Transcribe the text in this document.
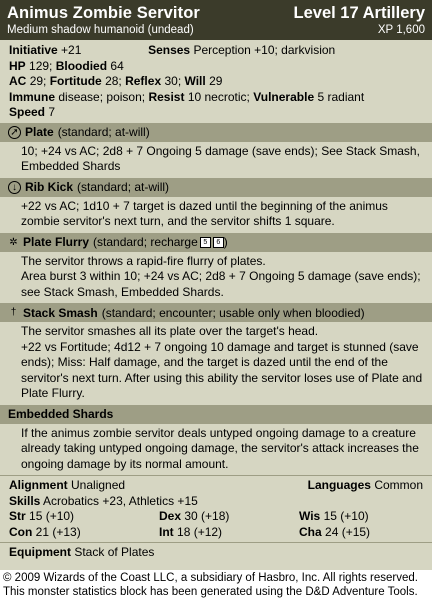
Animus Zombie Servitor	Level 17 Artillery
Medium shadow humanoid (undead)	XP 1,600
Initiative +21	Senses Perception +10; darkvision
HP 129; Bloodied 64
AC 29; Fortitude 28; Reflex 30; Will 29
Immune disease; poison; Resist 10 necrotic; Vulnerable 5 radiant
Speed 7
➚ Plate (standard; at-will)

10; +24 vs AC; 2d8 + 7 Ongoing 5 damage (save ends); See Stack Smash, Embedded Shards

↓ Rib Kick (standard; at-will)

+22 vs AC; 1d10 + 7 target is dazed until the beginning of the animus zombie servitor's next turn, and the servitor shifts 1 square.

✲ Plate Flurry (standard; recharge 5	6 )

The servitor throws a rapid-fire flurry of plates.

Area burst 3 within 10; +24 vs AC; 2d8 + 7 Ongoing 5 damage (save ends); see Stack Smash, Embedded Shards.

† Stack Smash (standard; encounter; usable only when bloodied)

The servitor smashes all its plate over the target's head.

+22 vs Fortitude; 4d12 + 7 ongoing 10 damage and target is stunned (save ends); Miss: Half damage, and the target is dazed until the end of the servitor's next turn. After using this ability the servitor loses use of Plate and Plate Flurry.

Embedded Shards

If the animus zombie servitor deals untyped ongoing damage to a creature already taking untyped ongoing damage, the servitor's attack increases the ongoing damage by its normal amount.

Alignment Unaligned	Languages Common
Skills Acrobatics +23, Athletics +15
Str 15 (+10)	Dex 30 (+18)	Wis 15 (+10)
Con 21 (+13)	Int 18 (+12)	Cha 24 (+15)
Equipment Stack of Plates
© 2009 Wizards of the Coast LLC, a subsidiary of Hasbro, Inc. All rights reserved.
This monster statistics block has been generated using the D&D Adventure Tools.
